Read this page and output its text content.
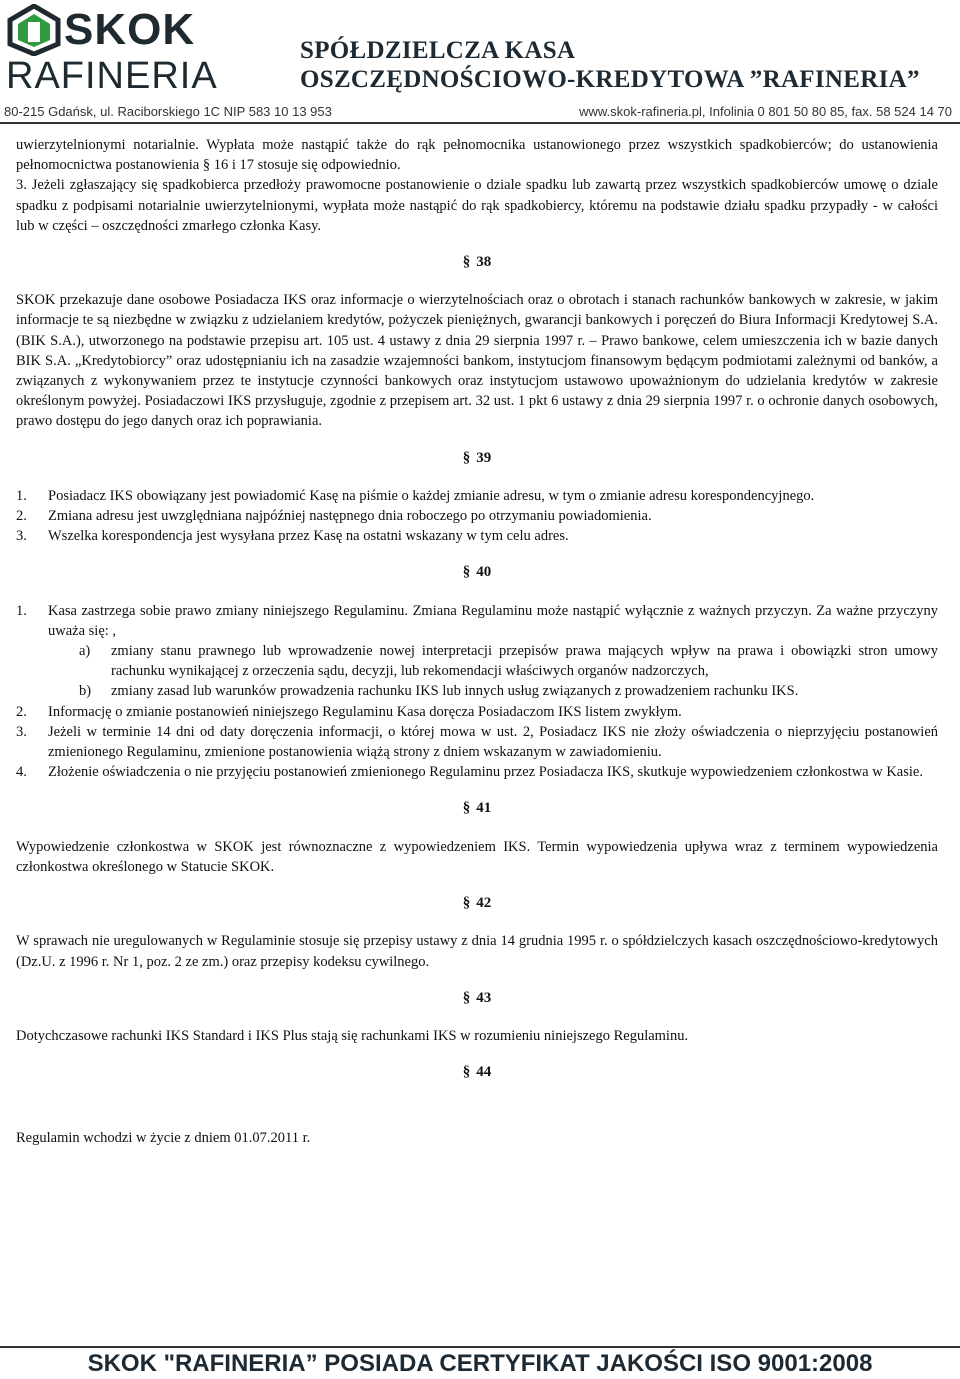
SKOK
RAFINERIA
SPÓŁDZIELCZA KASA
OSZCZĘDNOŚCIOWO-KREDYTOWA ”RAFINERIA”
80-215 Gdańsk, ul. Raciborskiego 1C NIP 583 10 13 953	www.skok-rafineria.pl, Infolinia 0 801 50 80 85, fax. 58 524 14 70

uwierzytelnionymi notarialnie. Wypłata może nastąpić także do rąk pełnomocnika ustanowionego przez wszystkich spadkobierców; do ustanowienia pełnomocnictwa postanowienia § 16 i 17 stosuje się odpowiednio.

3. Jeżeli zgłaszający się spadkobierca przedłoży prawomocne postanowienie o dziale spadku lub zawartą przez wszystkich spadkobierców umowę o dziale spadku z podpisami notarialnie uwierzytelnionymi, wypłata może nastąpić do rąk spadkobiercy, któremu na podstawie działu spadku przypadły - w całości lub w części – oszczędności zmarłego członka Kasy.

§ 38

SKOK przekazuje dane osobowe Posiadacza IKS oraz informacje o wierzytelnościach oraz o obrotach i stanach rachunków bankowych w zakresie, w jakim informacje te są niezbędne w związku z udzielaniem kredytów, pożyczek pieniężnych, gwarancji bankowych i poręczeń do Biura Informacji Kredytowej S.A. (BIK S.A.), utworzonego na podstawie przepisu art. 105 ust. 4 ustawy z dnia 29 sierpnia 1997 r. – Prawo bankowe, celem umieszczenia ich w bazie danych BIK S.A. „Kredytobiorcy” oraz udostępnianiu ich na zasadzie wzajemności bankom, instytucjom finansowym będącym podmiotami zależnymi od banków, a związanych z wykonywaniem przez te instytucje czynności bankowych oraz instytucjom ustawowo upoważnionym do udzielania kredytów w zakresie określonym powyżej. Posiadaczowi IKS przysługuje, zgodnie z przepisem art. 32 ust. 1 pkt 6 ustawy z dnia 29 sierpnia 1997 r. o ochronie danych osobowych, prawo dostępu do jego danych oraz ich poprawiania.

§ 39
1. Posiadacz IKS obowiązany jest powiadomić Kasę na piśmie o każdej zmianie adresu, w tym o zmianie adresu korespondencyjnego.
2. Zmiana adresu jest uwzględniana najpóźniej następnego dnia roboczego po otrzymaniu powiadomienia.
3. Wszelka korespondencja jest wysyłana przez Kasę na ostatni wskazany w tym celu adres.
§ 40
1. Kasa zastrzega sobie prawo zmiany niniejszego Regulaminu. Zmiana Regulaminu może nastąpić wyłącznie z ważnych przyczyn. Za ważne przyczyny uważa się: ,
a) zmiany stanu prawnego lub wprowadzenie nowej interpretacji przepisów prawa mających wpływ na prawa i obowiązki stron umowy rachunku wynikającej z orzeczenia sądu, decyzji, lub rekomendacji właściwych organów nadzorczych,
b) zmiany zasad lub warunków prowadzenia rachunku IKS lub innych usług związanych z prowadzeniem rachunku IKS.
2. Informację o zmianie postanowień niniejszego Regulaminu Kasa doręcza Posiadaczom IKS listem zwykłym.
3. Jeżeli w terminie 14 dni od daty doręczenia informacji, o której mowa w ust. 2, Posiadacz IKS nie złoży oświadczenia o nieprzyjęciu postanowień zmienionego Regulaminu, zmienione postanowienia wiążą strony z dniem wskazanym w zawiadomieniu.
4. Złożenie oświadczenia o nie przyjęciu postanowień zmienionego Regulaminu przez Posiadacza IKS, skutkuje wypowiedzeniem członkostwa w Kasie.
§ 41

Wypowiedzenie członkostwa w SKOK jest równoznaczne z wypowiedzeniem IKS. Termin wypowiedzenia upływa wraz z terminem wypowiedzenia członkostwa określonego w Statucie SKOK.

§ 42

W sprawach nie uregulowanych w Regulaminie stosuje się przepisy ustawy z dnia 14 grudnia 1995 r. o spółdzielczych kasach oszczędnościowo-kredytowych (Dz.U. z 1996 r. Nr 1, poz. 2 ze zm.) oraz przepisy kodeksu cywilnego.

§ 43

Dotychczasowe rachunki IKS Standard i IKS Plus stają się rachunkami IKS w rozumieniu niniejszego Regulaminu.

§ 44

Regulamin wchodzi w życie z dniem 01.07.2011 r.

SKOK "RAFINERIA” POSIADA CERTYFIKAT JAKOŚCI ISO 9001:2008
